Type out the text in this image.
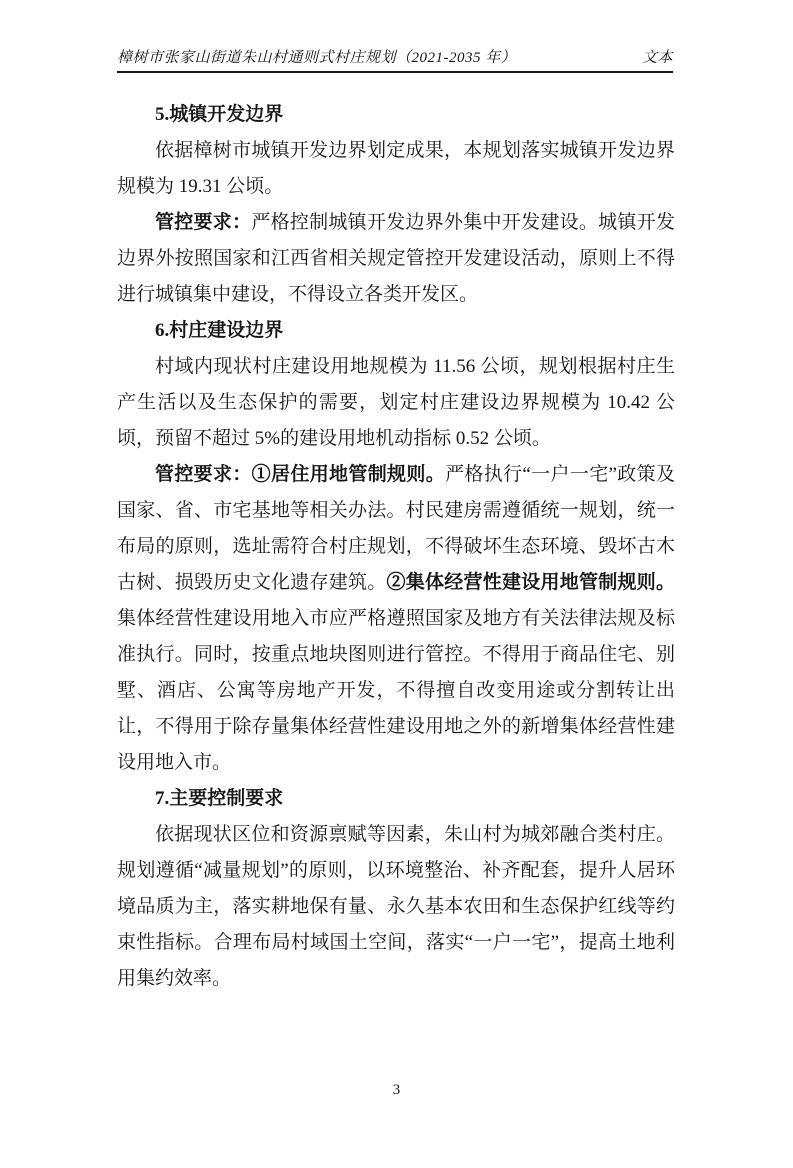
樟树市张家山街道朱山村通则式村庄规划（2021-2035 年）	文本
5.城镇开发边界

依据樟树市城镇开发边界划定成果，本规划落实城镇开发边界规模为 19.31 公顷。

管控要求：严格控制城镇开发边界外集中开发建设。城镇开发边界外按照国家和江西省相关规定管控开发建设活动，原则上不得进行城镇集中建设，不得设立各类开发区。

6.村庄建设边界

村域内现状村庄建设用地规模为 11.56 公顷，规划根据村庄生产生活以及生态保护的需要，划定村庄建设边界规模为 10.42 公顷，预留不超过 5%的建设用地机动指标 0.52 公顷。

管控要求：①居住用地管制规则。严格执行“一户一宅”政策及国家、省、市宅基地等相关办法。村民建房需遵循统一规划，统一布局的原则，选址需符合村庄规划，不得破坏生态环境、毁坏古木古树、损毁历史文化遗存建筑。②集体经营性建设用地管制规则。集体经营性建设用地入市应严格遵照国家及地方有关法律法规及标准执行。同时，按重点地块图则进行管控。不得用于商品住宅、别墅、酒店、公寓等房地产开发，不得擅自改变用途或分割转让出让，不得用于除存量集体经营性建设用地之外的新增集体经营性建设用地入市。

7.主要控制要求

依据现状区位和资源禀赋等因素，朱山村为城郊融合类村庄。规划遵循“减量规划”的原则，以环境整治、补齐配套，提升人居环境品质为主，落实耕地保有量、永久基本农田和生态保护红线等约束性指标。合理布局村域国土空间，落实“一户一宅”，提高土地利用集约效率。

3
